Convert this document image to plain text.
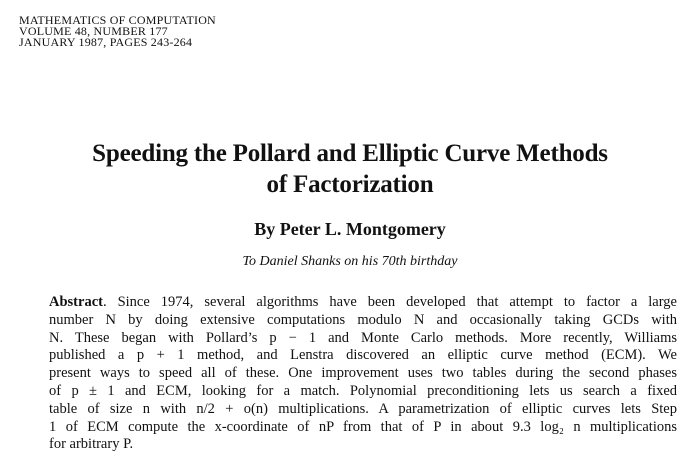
MATHEMATICS OF COMPUTATION
VOLUME 48, NUMBER 177
JANUARY 1987, PAGES 243-264
Speeding the Pollard and Elliptic Curve Methods
of Factorization
By Peter L. Montgomery
To Daniel Shanks on his 70th birthday
Abstract. Since 1974, several algorithms have been developed that attempt to factor a large
number N by doing extensive computations modulo N and occasionally taking GCDs with
N. These began with Pollard’s p − 1 and Monte Carlo methods. More recently, Williams
published a p + 1 method, and Lenstra discovered an elliptic curve method (ECM). We
present ways to speed all of these. One improvement uses two tables during the second phases
of p ± 1 and ECM, looking for a match. Polynomial preconditioning lets us search a fixed
table of size n with n/2 + o(n) multiplications. A parametrization of elliptic curves lets Step
1 of ECM compute the x-coordinate of nP from that of P in about 9.3 log₂ n multiplications
for arbitrary P.
